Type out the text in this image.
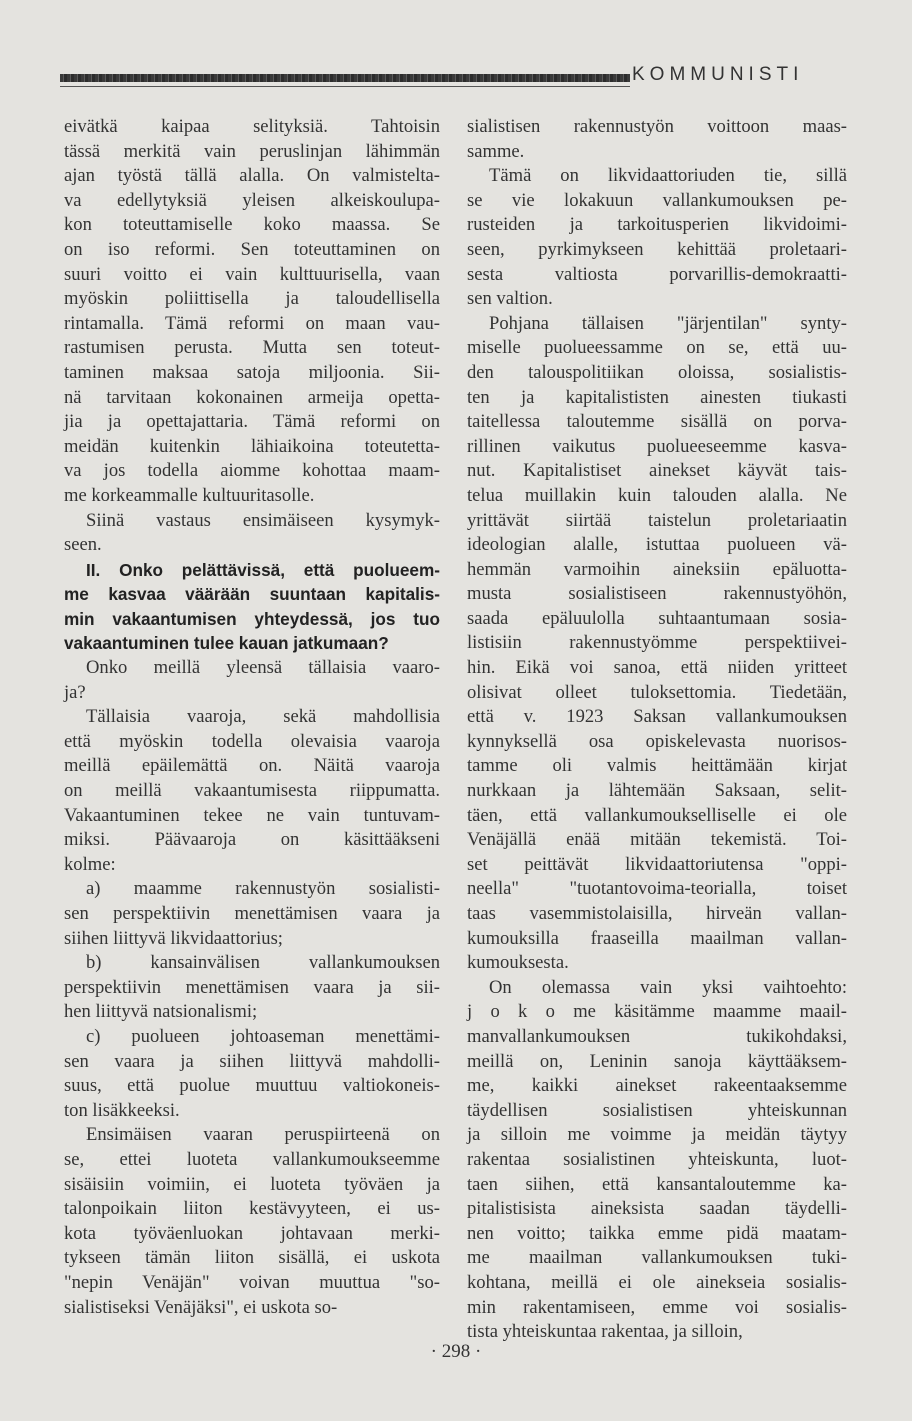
KOMMUNISTI
eivätkä kaipaa selityksiä. Tahtoisin
tässä merkitä vain peruslinjan lähimmän
ajan työstä tällä alalla. On valmisteltа-
va edellytyksiä yleisen alkeiskoulupa-
kon toteuttamiselle koko maassa. Se
on iso reformi. Sen toteuttaminen on
suuri voitto ei vain kulttuurisella, vaan
myöskin poliittisella ja taloudellisella
rintamalla. Tämä reformi on maan vau-
rastumisen perusta. Mutta sen toteut-
taminen maksaa satoja miljoonia. Sii-
nä tarvitaan kokonainen armeija opetta-
jia ja opettajattaria. Tämä reformi on
meidän kuitenkin lähiaikoina toteutetta-
va jos todella aiomme kohottaa maam-
me korkeammalle kultuuritasolle.
Siinä vastaus ensimäiseen kysymyk-
seen.
II. Onko pelättävissä, että puolueem-
me kasvaa väärään suuntaan kapitalis-
min vakaantumisen yhteydessä, jos tuo
vakaantuminen tulee kauan jatkumaan?
Onko meillä yleensä tällaisia vaaro-
ja?
Tällaisia vaaroja, sekä mahdollisia
että myöskin todella olevaisia vaaroja
meillä epäilemättä on. Näitä vaaroja
on meillä vakaantumisesta riippumatta.
Vakaantuminen tekee ne vain tuntuvam-
miksi. Päävaaroja on käsittääkseni
kolme:
a) maamme rakennustyön sosialisti-
sen perspektiivin menettämisen vaara ja
siihen liittyvä likvidaattorius;
b) kansainvälisen vallankumouksen
perspektiivin menettämisen vaara ja sii-
hen liittyvä natsionalismi;
c) puolueen johtoaseman menettämi-
sen vaara ja siihen liittyvä mahdolli-
suus, että puolue muuttuu valtiokoneis-
ton lisäkkeeksi.
Ensimäisen vaaran peruspiirteenä on
se, ettei luoteta vallankumoukseemme
sisäisiin voimiin, ei luoteta työväen ja
talonpoikain liiton kestävyyteen, ei us-
kota työväenluokan johtavaan merki-
tykseen tämän liiton sisällä, ei uskota
"nepin Venäjän" voivan muuttua "so-
sialistiseksi Venäjäksi", ei uskota so-
sialistisen rakennustyön voittoon maas-
samme.
Tämä on likvidaattoriuden tie, sillä
se vie lokakuun vallankumouksen pe-
rusteiden ja tarkoitusperien likvidoimi-
seen, pyrkimykseen kehittää proletaari-
sesta valtiosta porvarillis-demokraatti-
sen valtion.
Pohjana tällaisen "järjentilan" synty-
miselle puolueessamme on se, että uu-
den talouspolitiikan oloissa, sosialistis-
ten ja kapitalististen ainesten tiukasti
taitellessa taloutemme sisällä on porva-
rillinen vaikutus puolueeseemme kasva-
nut. Kapitalistiset ainekset käyvät tais-
telua muillakin kuin talouden alalla. Ne
yrittävät siirtää taistelun proletariaatin
ideologian alalle, istuttaa puolueen vä-
hemmän varmoihin aineksiin epäluotta-
musta sosialistiseen rakennustyöhön,
saada epäluulolla suhtaantumaan sosia-
listisiin rakennustyömme perspektiivei-
hin. Eikä voi sanoa, että niiden yritteet
olisivat olleet tuloksettomia. Tiedetään,
että v. 1923 Saksan vallankumouksen
kynnyksellä osa opiskelevasta nuorisos-
tamme oli valmis heittämään kirjat
nurkkaan ja lähtemään Saksaan, selit-
täen, että vallankumoukselliselle ei ole
Venäjällä enää mitään tekemistä. Toi-
set peittävät likvidaattoriutensa "oppi-
neella" "tuotantovoima-teorialla, toiset
taas vasemmistolaisilla, hirveän vallan-
kumouksilla fraaseilla maailman vallan-
kumouksesta.
On olemassa vain yksi vaihtoehto:
j o k o me käsitämme maamme maail-
manvallankumouksen tukikohdaksi,
meillä on, Leninin sanoja käyttääksem-
me, kaikki ainekset rakeentaaksemme
täydellisen sosialistisen yhteiskunnan
ja silloin me voimme ja meidän täytyy
rakentaa sosialistinen yhteiskunta, luot-
taen siihen, että kansantaloutemme ka-
pitalistisista aineksista saadan täydelli-
nen voitto; taikka emme pidä maatam-
me maailman vallankumouksen tuki-
kohtana, meillä ei ole ainekseia sosialis-
min rakentamiseen, emme voi sosialis-
tista yhteiskuntaa rakentaa, ja silloin,
· 298 ·
